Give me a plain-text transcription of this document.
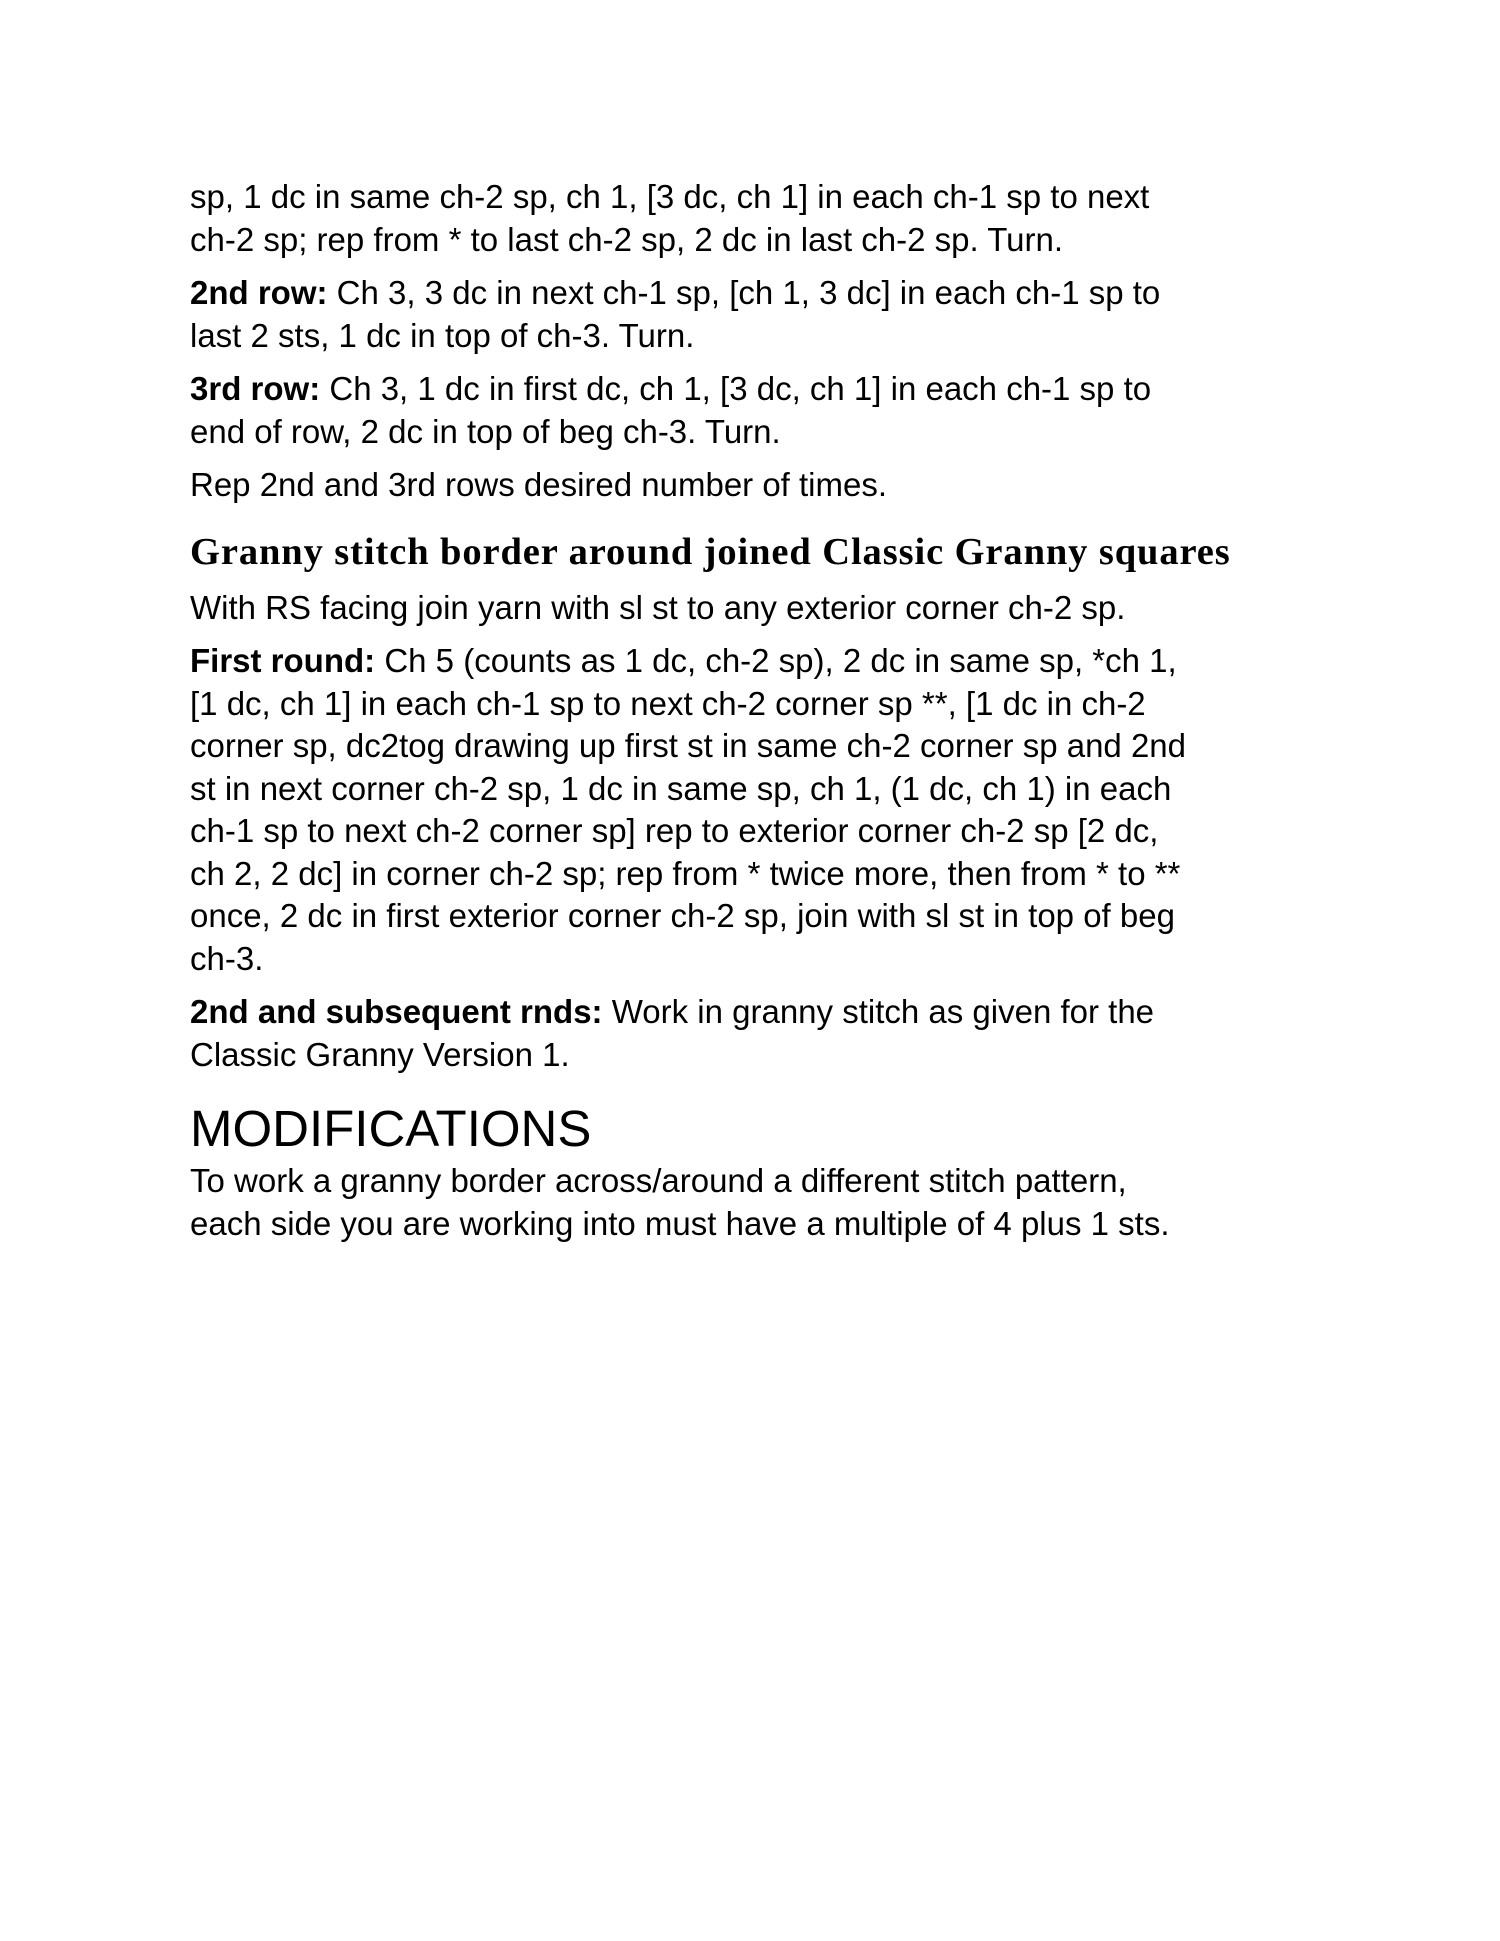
sp, 1 dc in same ch-2 sp, ch 1, [3 dc, ch 1] in each ch-1 sp to next
ch-2 sp; rep from * to last ch-2 sp, 2 dc in last ch-2 sp. Turn.

2nd row: Ch 3, 3 dc in next ch-1 sp, [ch 1, 3 dc] in each ch-1 sp to
last 2 sts, 1 dc in top of ch-3. Turn.

3rd row: Ch 3, 1 dc in first dc, ch 1, [3 dc, ch 1] in each ch-1 sp to
end of row, 2 dc in top of beg ch-3. Turn.

Rep 2nd and 3rd rows desired number of times.

Granny stitch border around joined Classic Granny squares

With RS facing join yarn with sl st to any exterior corner ch-2 sp.

First round: Ch 5 (counts as 1 dc, ch-2 sp), 2 dc in same sp, *ch 1,
[1 dc, ch 1] in each ch-1 sp to next ch-2 corner sp **, [1 dc in ch-2
corner sp, dc2tog drawing up first st in same ch-2 corner sp and 2nd
st in next corner ch-2 sp, 1 dc in same sp, ch 1, (1 dc, ch 1) in each
ch-1 sp to next ch-2 corner sp] rep to exterior corner ch-2 sp [2 dc,
ch 2, 2 dc] in corner ch-2 sp; rep from * twice more, then from * to **
once, 2 dc in first exterior corner ch-2 sp, join with sl st in top of beg
ch-3.

2nd and subsequent rnds: Work in granny stitch as given for the
Classic Granny Version 1.

MODIFICATIONS

To work a granny border across/around a different stitch pattern,
each side you are working into must have a multiple of 4 plus 1 sts.
